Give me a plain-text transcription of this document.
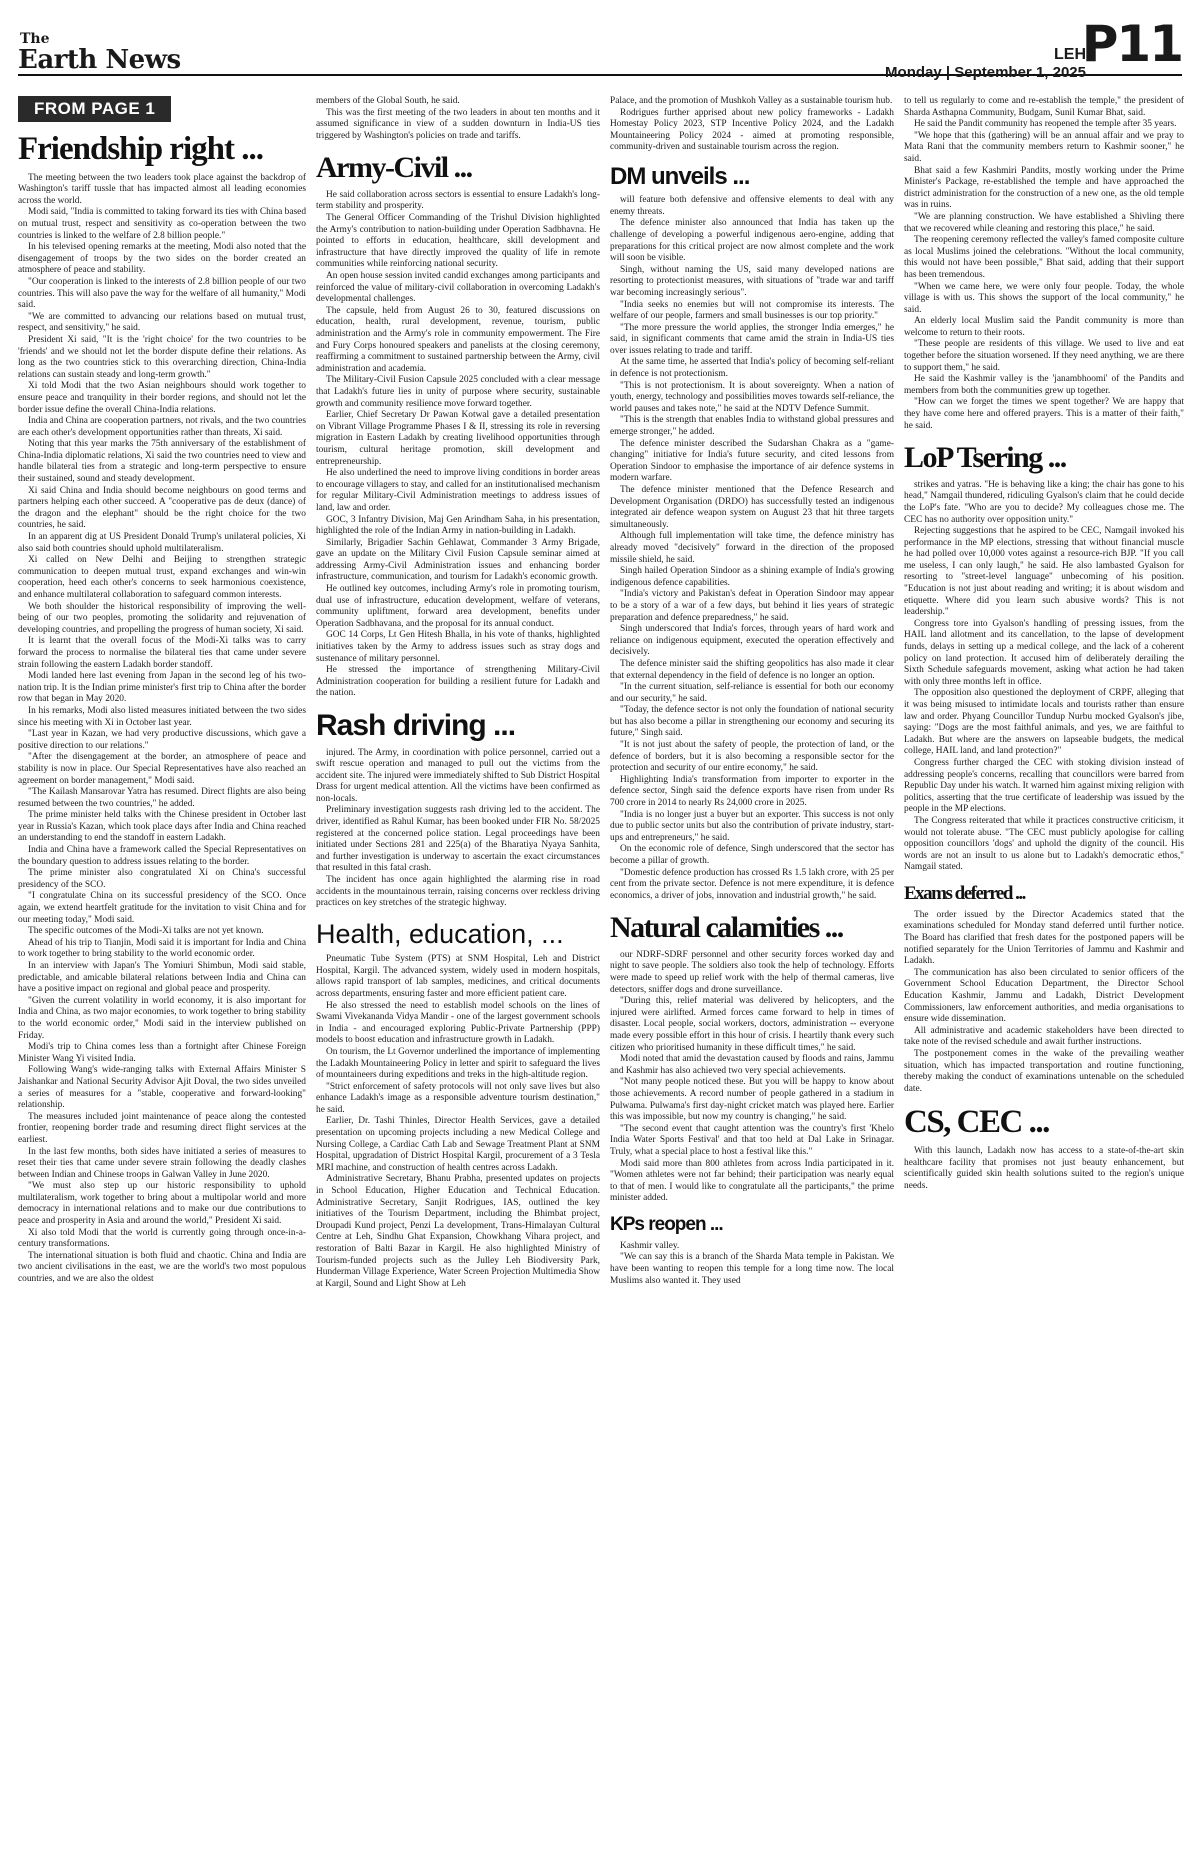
The
Earth News	LEH
Monday | September 1, 2025
P11
FROM PAGE 1
Friendship right ...

The meeting between the two leaders took place against the backdrop of Washington's tariff tussle that has impacted almost all leading economies across the world.

Modi said, "India is committed to taking forward its ties with China based on mutual trust, respect and sensitivity as co-operation between the two countries is linked to the welfare of 2.8 billion people."

In his televised opening remarks at the meeting, Modi also noted that the disengagement of troops by the two sides on the border created an atmosphere of peace and stability.

"Our cooperation is linked to the interests of 2.8 billion people of our two countries. This will also pave the way for the welfare of all humanity," Modi said.

"We are committed to advancing our relations based on mutual trust, respect, and sensitivity," he said.

President Xi said, "It is the 'right choice' for the two countries to be 'friends' and we should not let the border dispute define their relations. As long as the two countries stick to this overarching direction, China-India relations can sustain steady and long-term growth."

Xi told Modi that the two Asian neighbours should work together to ensure peace and tranquility in their border regions, and should not let the border issue define the overall China-India relations.

India and China are cooperation partners, not rivals, and the two countries are each other's development opportunities rather than threats, Xi said.

Noting that this year marks the 75th anniversary of the establishment of China-India diplomatic relations, Xi said the two countries need to view and handle bilateral ties from a strategic and long-term perspective to ensure their sustained, sound and steady development.

Xi said China and India should become neighbours on good terms and partners helping each other succeed. A "cooperative pas de deux (dance) of the dragon and the elephant" should be the right choice for the two countries, he said.

In an apparent dig at US President Donald Trump's unilateral policies, Xi also said both countries should uphold multilateralism.

Xi called on New Delhi and Beijing to strengthen strategic communication to deepen mutual trust, expand exchanges and win-win cooperation, heed each other's concerns to seek harmonious coexistence, and enhance multilateral collaboration to safeguard common interests.

We both shoulder the historical responsibility of improving the well-being of our two peoples, promoting the solidarity and rejuvenation of developing countries, and propelling the progress of human society, Xi said.

It is learnt that the overall focus of the Modi-Xi talks was to carry forward the process to normalise the bilateral ties that came under severe strain following the eastern Ladakh border standoff.

Modi landed here last evening from Japan in the second leg of his two-nation trip. It is the Indian prime minister's first trip to China after the border row that began in May 2020.

In his remarks, Modi also listed measures initiated between the two sides since his meeting with Xi in October last year.

"Last year in Kazan, we had very productive discussions, which gave a positive direction to our relations."

"After the disengagement at the border, an atmosphere of peace and stability is now in place. Our Special Representatives have also reached an agreement on border management," Modi said.

"The Kailash Mansarovar Yatra has resumed. Direct flights are also being resumed between the two countries," he added.

The prime minister held talks with the Chinese president in October last year in Russia's Kazan, which took place days after India and China reached an understanding to end the standoff in eastern Ladakh.

India and China have a framework called the Special Representatives on the boundary question to address issues relating to the border.

The prime minister also congratulated Xi on China's successful presidency of the SCO.

"I congratulate China on its successful presidency of the SCO. Once again, we extend heartfelt gratitude for the invitation to visit China and for our meeting today," Modi said.

The specific outcomes of the Modi-Xi talks are not yet known.

Ahead of his trip to Tianjin, Modi said it is important for India and China to work together to bring stability to the world economic order.

In an interview with Japan's The Yomiuri Shimbun, Modi said stable, predictable, and amicable bilateral relations between India and China can have a positive impact on regional and global peace and prosperity.

"Given the current volatility in world economy, it is also important for India and China, as two major economies, to work together to bring stability to the world economic order," Modi said in the interview published on Friday.

Modi's trip to China comes less than a fortnight after Chinese Foreign Minister Wang Yi visited India.

Following Wang's wide-ranging talks with External Affairs Minister S Jaishankar and National Security Advisor Ajit Doval, the two sides unveiled a series of measures for a "stable, cooperative and forward-looking" relationship.

The measures included joint maintenance of peace along the contested frontier, reopening border trade and resuming direct flight services at the earliest.

In the last few months, both sides have initiated a series of measures to reset their ties that came under severe strain following the deadly clashes between Indian and Chinese troops in Galwan Valley in June 2020.

"We must also step up our historic responsibility to uphold multilateralism, work together to bring about a multipolar world and more democracy in international relations and to make our due contributions to peace and prosperity in Asia and around the world," President Xi said.

Xi also told Modi that the world is currently going through once-in-a-century transformations.

The international situation is both fluid and chaotic. China and India are two ancient civilisations in the east, we are the world's two most populous countries, and we are also the oldest

members of the Global South, he said.

This was the first meeting of the two leaders in about ten months and it assumed significance in view of a sudden downturn in India-US ties triggered by Washington's policies on trade and tariffs.

Army-Civil ...

He said collaboration across sectors is essential to ensure Ladakh's long-term stability and prosperity.

The General Officer Commanding of the Trishul Division highlighted the Army's contribution to nation-building under Operation Sadbhavna. He pointed to efforts in education, healthcare, skill development and infrastructure that have directly improved the quality of life in remote communities while reinforcing national security.

An open house session invited candid exchanges among participants and reinforced the value of military-civil collaboration in overcoming Ladakh's developmental challenges.

The capsule, held from August 26 to 30, featured discussions on education, health, rural development, revenue, tourism, public administration and the Army's role in community empowerment. The Fire and Fury Corps honoured speakers and panelists at the closing ceremony, reaffirming a commitment to sustained partnership between the Army, civil administration and academia.

The Military-Civil Fusion Capsule 2025 concluded with a clear message that Ladakh's future lies in unity of purpose where security, sustainable growth and community resilience move forward together.

Earlier, Chief Secretary Dr Pawan Kotwal gave a detailed presentation on Vibrant Village Programme Phases I & II, stressing its role in reversing migration in Eastern Ladakh by creating livelihood opportunities through tourism, cultural heritage promotion, skill development and entrepreneurship.

He also underlined the need to improve living conditions in border areas to encourage villagers to stay, and called for an institutionalised mechanism for regular Military-Civil Administration meetings to address issues of land, law and order.

GOC, 3 Infantry Division, Maj Gen Arindham Saha, in his presentation, highlighted the role of the Indian Army in nation-building in Ladakh.

Similarly, Brigadier Sachin Gehlawat, Commander 3 Army Brigade, gave an update on the Military Civil Fusion Capsule seminar aimed at addressing Army-Civil Administration issues and enhancing border infrastructure, communication, and tourism for Ladakh's economic growth.

He outlined key outcomes, including Army's role in promoting tourism, dual use of infrastructure, education development, welfare of veterans, community upliftment, forward area development, benefits under Operation Sadbhavana, and the proposal for its annual conduct.

GOC 14 Corps, Lt Gen Hitesh Bhalla, in his vote of thanks, highlighted initiatives taken by the Army to address issues such as stray dogs and sustenance of military personnel.

He stressed the importance of strengthening Military-Civil Administration cooperation for building a resilient future for Ladakh and the nation.

Rash driving ...

injured. The Army, in coordination with police personnel, carried out a swift rescue operation and managed to pull out the victims from the accident site. The injured were immediately shifted to Sub District Hospital Drass for urgent medical attention. All the victims have been confirmed as non-locals.

Preliminary investigation suggests rash driving led to the accident. The driver, identified as Rahul Kumar, has been booked under FIR No. 58/2025 registered at the concerned police station. Legal proceedings have been initiated under Sections 281 and 225(a) of the Bharatiya Nyaya Sanhita, and further investigation is underway to ascertain the exact circumstances that resulted in this fatal crash.

The incident has once again highlighted the alarming rise in road accidents in the mountainous terrain, raising concerns over reckless driving practices on key stretches of the strategic highway.

Health, education, ...

Pneumatic Tube System (PTS) at SNM Hospital, Leh and District Hospital, Kargil. The advanced system, widely used in modern hospitals, allows rapid transport of lab samples, medicines, and critical documents across departments, ensuring faster and more efficient patient care.

He also stressed the need to establish model schools on the lines of Swami Vivekananda Vidya Mandir - one of the largest government schools in India - and encouraged exploring Public-Private Partnership (PPP) models to boost education and infrastructure growth in Ladakh.

On tourism, the Lt Governor underlined the importance of implementing the Ladakh Mountaineering Policy in letter and spirit to safeguard the lives of mountaineers during expeditions and treks in the high-altitude region.

"Strict enforcement of safety protocols will not only save lives but also enhance Ladakh's image as a responsible adventure tourism destination," he said.

Earlier, Dr. Tashi Thinles, Director Health Services, gave a detailed presentation on upcoming projects including a new Medical College and Nursing College, a Cardiac Cath Lab and Sewage Treatment Plant at SNM Hospital, upgradation of District Hospital Kargil, procurement of a 3 Tesla MRI machine, and construction of health centres across Ladakh.

Administrative Secretary, Bhanu Prabha, presented updates on projects in School Education, Higher Education and Technical Education. Administrative Secretary, Sanjit Rodrigues, IAS, outlined the key initiatives of the Tourism Department, including the Bhimbat project, Droupadi Kund project, Penzi La development, Trans-Himalayan Cultural Centre at Leh, Sindhu Ghat Expansion, Chowkhang Vihara project, and restoration of Balti Bazar in Kargil. He also highlighted Ministry of Tourism-funded projects such as the Julley Leh Biodiversity Park, Hunderman Village Experience, Water Screen Projection Multimedia Show at Kargil, Sound and Light Show at Leh

Palace, and the promotion of Mushkoh Valley as a sustainable tourism hub.

Rodrigues further apprised about new policy frameworks - Ladakh Homestay Policy 2023, STP Incentive Policy 2024, and the Ladakh Mountaineering Policy 2024 - aimed at promoting responsible, community-driven and sustainable tourism across the region.

DM unveils ...

will feature both defensive and offensive elements to deal with any enemy threats.

The defence minister also announced that India has taken up the challenge of developing a powerful indigenous aero-engine, adding that preparations for this critical project are now almost complete and the work will soon be visible.

Singh, without naming the US, said many developed nations are resorting to protectionist measures, with situations of "trade war and tariff war becoming increasingly serious".

"India seeks no enemies but will not compromise its interests. The welfare of our people, farmers and small businesses is our top priority."

"The more pressure the world applies, the stronger India emerges," he said, in significant comments that came amid the strain in India-US ties over issues relating to trade and tariff.

At the same time, he asserted that India's policy of becoming self-reliant in defence is not protectionism.

"This is not protectionism. It is about sovereignty. When a nation of youth, energy, technology and possibilities moves towards self-reliance, the world pauses and takes note," he said at the NDTV Defence Summit.

"This is the strength that enables India to withstand global pressures and emerge stronger," he added.

The defence minister described the Sudarshan Chakra as a "game-changing" initiative for India's future security, and cited lessons from Operation Sindoor to emphasise the importance of air defence systems in modern warfare.

The defence minister mentioned that the Defence Research and Development Organisation (DRDO) has successfully tested an indigenous integrated air defence weapon system on August 23 that hit three targets simultaneously.

Although full implementation will take time, the defence ministry has already moved "decisively" forward in the direction of the proposed missile shield, he said.

Singh hailed Operation Sindoor as a shining example of India's growing indigenous defence capabilities.

"India's victory and Pakistan's defeat in Operation Sindoor may appear to be a story of a war of a few days, but behind it lies years of strategic preparation and defence preparedness," he said.

Singh underscored that India's forces, through years of hard work and reliance on indigenous equipment, executed the operation effectively and decisively.

The defence minister said the shifting geopolitics has also made it clear that external dependency in the field of defence is no longer an option.

"In the current situation, self-reliance is essential for both our economy and our security," he said.

"Today, the defence sector is not only the foundation of national security but has also become a pillar in strengthening our economy and securing its future," Singh said.

"It is not just about the safety of people, the protection of land, or the defence of borders, but it is also becoming a responsible sector for the protection and security of our entire economy," he said.

Highlighting India's transformation from importer to exporter in the defence sector, Singh said the defence exports have risen from under Rs 700 crore in 2014 to nearly Rs 24,000 crore in 2025.

"India is no longer just a buyer but an exporter. This success is not only due to public sector units but also the contribution of private industry, start-ups and entrepreneurs," he said.

On the economic role of defence, Singh underscored that the sector has become a pillar of growth.

"Domestic defence production has crossed Rs 1.5 lakh crore, with 25 per cent from the private sector. Defence is not mere expenditure, it is defence economics, a driver of jobs, innovation and industrial growth," he said.

Natural calamities ...

our NDRF-SDRF personnel and other security forces worked day and night to save people. The soldiers also took the help of technology. Efforts were made to speed up relief work with the help of thermal cameras, live detectors, sniffer dogs and drone surveillance.

"During this, relief material was delivered by helicopters, and the injured were airlifted. Armed forces came forward to help in times of disaster. Local people, social workers, doctors, administration -- everyone made every possible effort in this hour of crisis. I heartily thank every such citizen who prioritised humanity in these difficult times," he said.

Modi noted that amid the devastation caused by floods and rains, Jammu and Kashmir has also achieved two very special achievements.

"Not many people noticed these. But you will be happy to know about those achievements. A record number of people gathered in a stadium in Pulwama. Pulwama's first day-night cricket match was played here. Earlier this was impossible, but now my country is changing," he said.

"The second event that caught attention was the country's first 'Khelo India Water Sports Festival' and that too held at Dal Lake in Srinagar. Truly, what a special place to host a festival like this."

Modi said more than 800 athletes from across India participated in it. "Women athletes were not far behind; their participation was nearly equal to that of men. I would like to congratulate all the participants," the prime minister added.

KPs reopen ...

Kashmir valley.

"We can say this is a branch of the Sharda Mata temple in Pakistan. We have been wanting to reopen this temple for a long time now. The local Muslims also wanted it. They used

to tell us regularly to come and re-establish the temple," the president of Sharda Asthapna Community, Budgam, Sunil Kumar Bhat, said.

He said the Pandit community has reopened the temple after 35 years.

"We hope that this (gathering) will be an annual affair and we pray to Mata Rani that the community members return to Kashmir sooner," he said.

Bhat said a few Kashmiri Pandits, mostly working under the Prime Minister's Package, re-established the temple and have approached the district administration for the construction of a new one, as the old temple was in ruins.

"We are planning construction. We have established a Shivling there that we recovered while cleaning and restoring this place," he said.

The reopening ceremony reflected the valley's famed composite culture as local Muslims joined the celebrations. "Without the local community, this would not have been possible," Bhat said, adding that their support has been tremendous.

"When we came here, we were only four people. Today, the whole village is with us. This shows the support of the local community," he said.

An elderly local Muslim said the Pandit community is more than welcome to return to their roots.

"These people are residents of this village. We used to live and eat together before the situation worsened. If they need anything, we are there to support them," he said.

He said the Kashmir valley is the 'janambhoomi' of the Pandits and members from both the communities grew up together.

"How can we forget the times we spent together? We are happy that they have come here and offered prayers. This is a matter of their faith," he said.

LoP Tsering ...

strikes and yatras. "He is behaving like a king; the chair has gone to his head," Namgail thundered, ridiculing Gyalson's claim that he could decide the LoP's fate. "Who are you to decide? My colleagues chose me. The CEC has no authority over opposition unity."

Rejecting suggestions that he aspired to be CEC, Namgail invoked his performance in the MP elections, stressing that without financial muscle he had polled over 10,000 votes against a resource-rich BJP. "If you call me useless, I can only laugh," he said. He also lambasted Gyalson for resorting to "street-level language" unbecoming of his position. "Education is not just about reading and writing; it is about wisdom and etiquette. Where did you learn such abusive words? This is not leadership."

Congress tore into Gyalson's handling of pressing issues, from the HAIL land allotment and its cancellation, to the lapse of development funds, delays in setting up a medical college, and the lack of a coherent policy on land protection. It accused him of deliberately derailing the Sixth Schedule safeguards movement, asking what action he had taken with only three months left in office.

The opposition also questioned the deployment of CRPF, alleging that it was being misused to intimidate locals and tourists rather than ensure law and order. Phyang Councillor Tundup Nurbu mocked Gyalson's jibe, saying: "Dogs are the most faithful animals, and yes, we are faithful to Ladakh. But where are the answers on lapseable budgets, the medical college, HAIL land, and land protection?"

Congress further charged the CEC with stoking division instead of addressing people's concerns, recalling that councillors were barred from Republic Day under his watch. It warned him against mixing religion with politics, asserting that the true certificate of leadership was issued by the people in the MP elections.

The Congress reiterated that while it practices constructive criticism, it would not tolerate abuse. "The CEC must publicly apologise for calling opposition councillors 'dogs' and uphold the dignity of the council. His words are not an insult to us alone but to Ladakh's democratic ethos," Namgail stated.

Exams deferred ...

The order issued by the Director Academics stated that the examinations scheduled for Monday stand deferred until further notice. The Board has clarified that fresh dates for the postponed papers will be notified separately for the Union Territories of Jammu and Kashmir and Ladakh.

The communication has also been circulated to senior officers of the Government School Education Department, the Director School Education Kashmir, Jammu and Ladakh, District Development Commissioners, law enforcement authorities, and media organisations to ensure wide dissemination.

All administrative and academic stakeholders have been directed to take note of the revised schedule and await further instructions.

The postponement comes in the wake of the prevailing weather situation, which has impacted transportation and routine functioning, thereby making the conduct of examinations untenable on the scheduled date.

CS, CEC ...

With this launch, Ladakh now has access to a state-of-the-art skin healthcare facility that promises not just beauty enhancement, but scientifically guided skin health solutions suited to the region's unique needs.
